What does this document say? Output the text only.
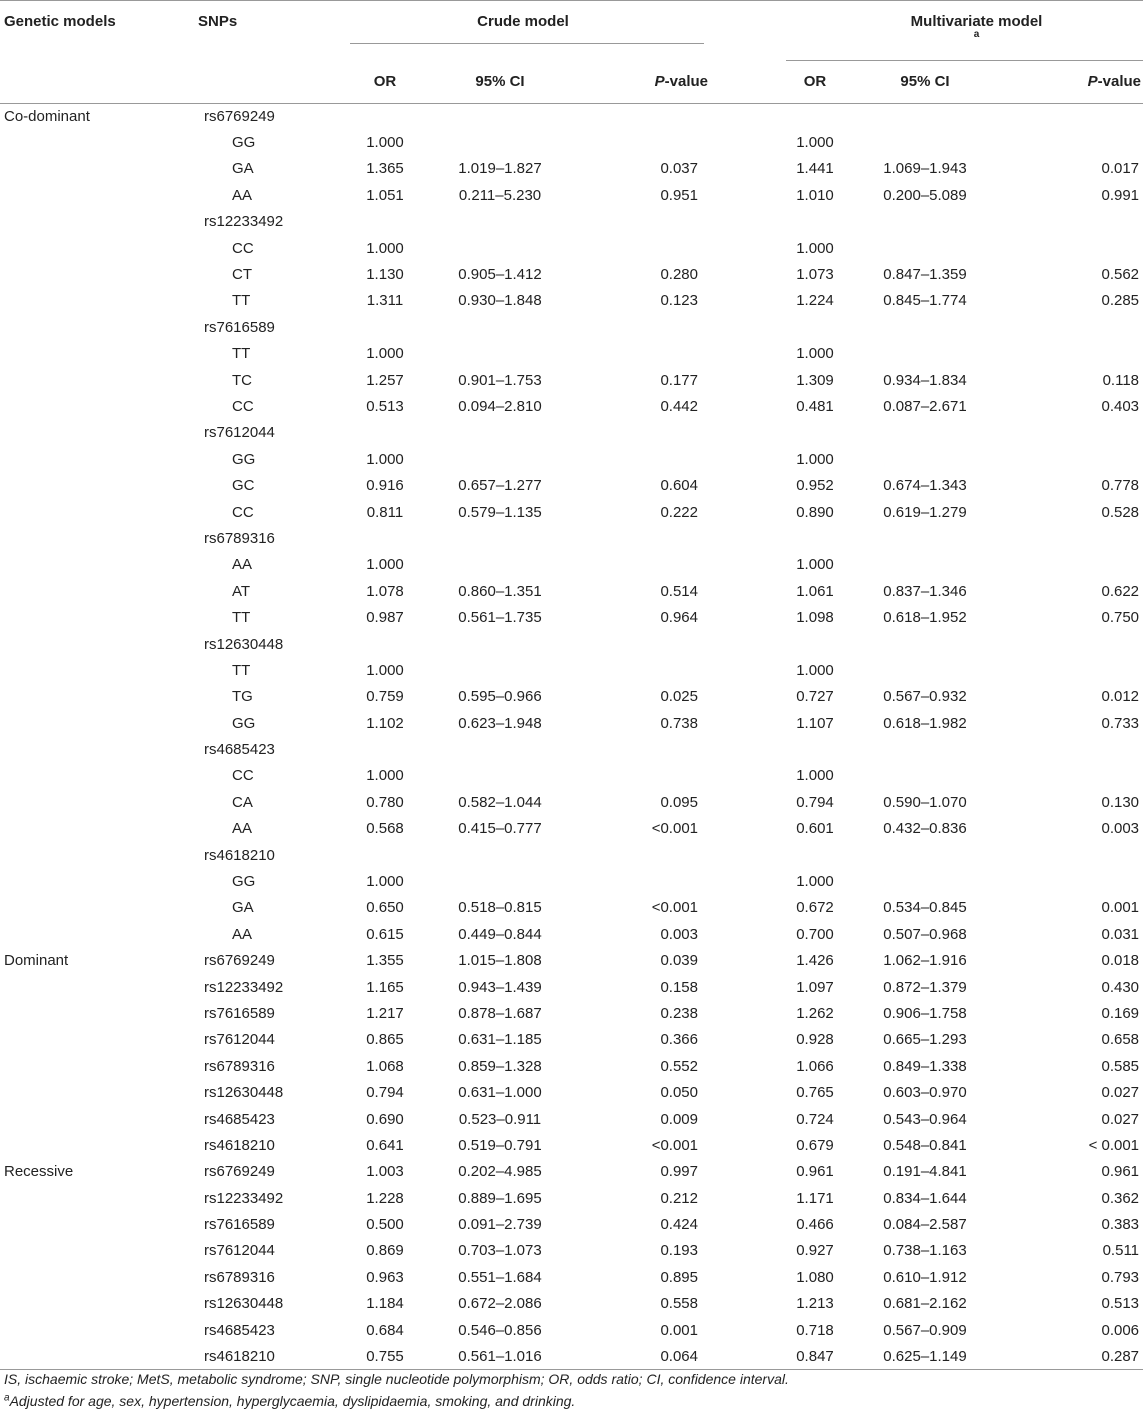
Genetic models	SNPs	Crude model				Multivariate model
$^a$

		OR	95% CI	P-value		OR	95% CI	P-value
Co-dominant	rs6769249							
	GG	1.000				1.000		
	GA	1.365	1.019–1.827	0.037		1.441	1.069–1.943	0.017
	AA	1.051	0.211–5.230	0.951		1.010	0.200–5.089	0.991
	rs12233492							
	CC	1.000				1.000		
	CT	1.130	0.905–1.412	0.280		1.073	0.847–1.359	0.562
	TT	1.311	0.930–1.848	0.123		1.224	0.845–1.774	0.285
	rs7616589							
	TT	1.000				1.000		
	TC	1.257	0.901–1.753	0.177		1.309	0.934–1.834	0.118
	CC	0.513	0.094–2.810	0.442		0.481	0.087–2.671	0.403
	rs7612044							
	GG	1.000				1.000		
	GC	0.916	0.657–1.277	0.604		0.952	0.674–1.343	0.778
	CC	0.811	0.579–1.135	0.222		0.890	0.619–1.279	0.528
	rs6789316							
	AA	1.000				1.000		
	AT	1.078	0.860–1.351	0.514		1.061	0.837–1.346	0.622
	TT	0.987	0.561–1.735	0.964		1.098	0.618–1.952	0.750
	rs12630448							
	TT	1.000				1.000		
	TG	0.759	0.595–0.966	0.025		0.727	0.567–0.932	0.012
	GG	1.102	0.623–1.948	0.738		1.107	0.618–1.982	0.733
	rs4685423							
	CC	1.000				1.000		
	CA	0.780	0.582–1.044	0.095		0.794	0.590–1.070	0.130
	AA	0.568	0.415–0.777	<0.001		0.601	0.432–0.836	0.003
	rs4618210							
	GG	1.000				1.000		
	GA	0.650	0.518–0.815	<0.001		0.672	0.534–0.845	0.001
	AA	0.615	0.449–0.844	0.003		0.700	0.507–0.968	0.031
Dominant	rs6769249	1.355	1.015–1.808	0.039		1.426	1.062–1.916	0.018
	rs12233492	1.165	0.943–1.439	0.158		1.097	0.872–1.379	0.430
	rs7616589	1.217	0.878–1.687	0.238		1.262	0.906–1.758	0.169
	rs7612044	0.865	0.631–1.185	0.366		0.928	0.665–1.293	0.658
	rs6789316	1.068	0.859–1.328	0.552		1.066	0.849–1.338	0.585
	rs12630448	0.794	0.631–1.000	0.050		0.765	0.603–0.970	0.027
	rs4685423	0.690	0.523–0.911	0.009		0.724	0.543–0.964	0.027
	rs4618210	0.641	0.519–0.791	<0.001		0.679	0.548–0.841	< 0.001
Recessive	rs6769249	1.003	0.202–4.985	0.997		0.961	0.191–4.841	0.961
	rs12233492	1.228	0.889–1.695	0.212		1.171	0.834–1.644	0.362
	rs7616589	0.500	0.091–2.739	0.424		0.466	0.084–2.587	0.383
	rs7612044	0.869	0.703–1.073	0.193		0.927	0.738–1.163	0.511
	rs6789316	0.963	0.551–1.684	0.895		1.080	0.610–1.912	0.793
	rs12630448	1.184	0.672–2.086	0.558		1.213	0.681–2.162	0.513
	rs4685423	0.684	0.546–0.856	0.001		0.718	0.567–0.909	0.006
	rs4618210	0.755	0.561–1.016	0.064		0.847	0.625–1.149	0.287

IS, ischaemic stroke; MetS, metabolic syndrome; SNP, single nucleotide polymorphism; OR, odds ratio; CI, confidence interval.

$^a$Adjusted for age, sex, hypertension, hyperglycaemia, dyslipidaemia, smoking, and drinking.
